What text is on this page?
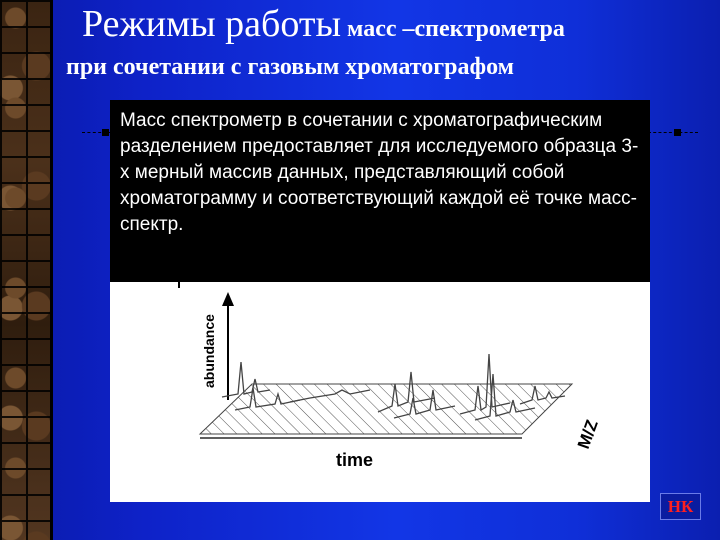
Режимы работы масс –спектрометра
при сочетании с газовым хроматографом
Масс спектрометр в сочетании с хроматографическим разделением предоставляет для исследуемого образца 3-х мерный массив данных, представляющий собой хроматограмму и соответствующий каждой её точке масс-спектр.
abundance
time
M/Z
НК
